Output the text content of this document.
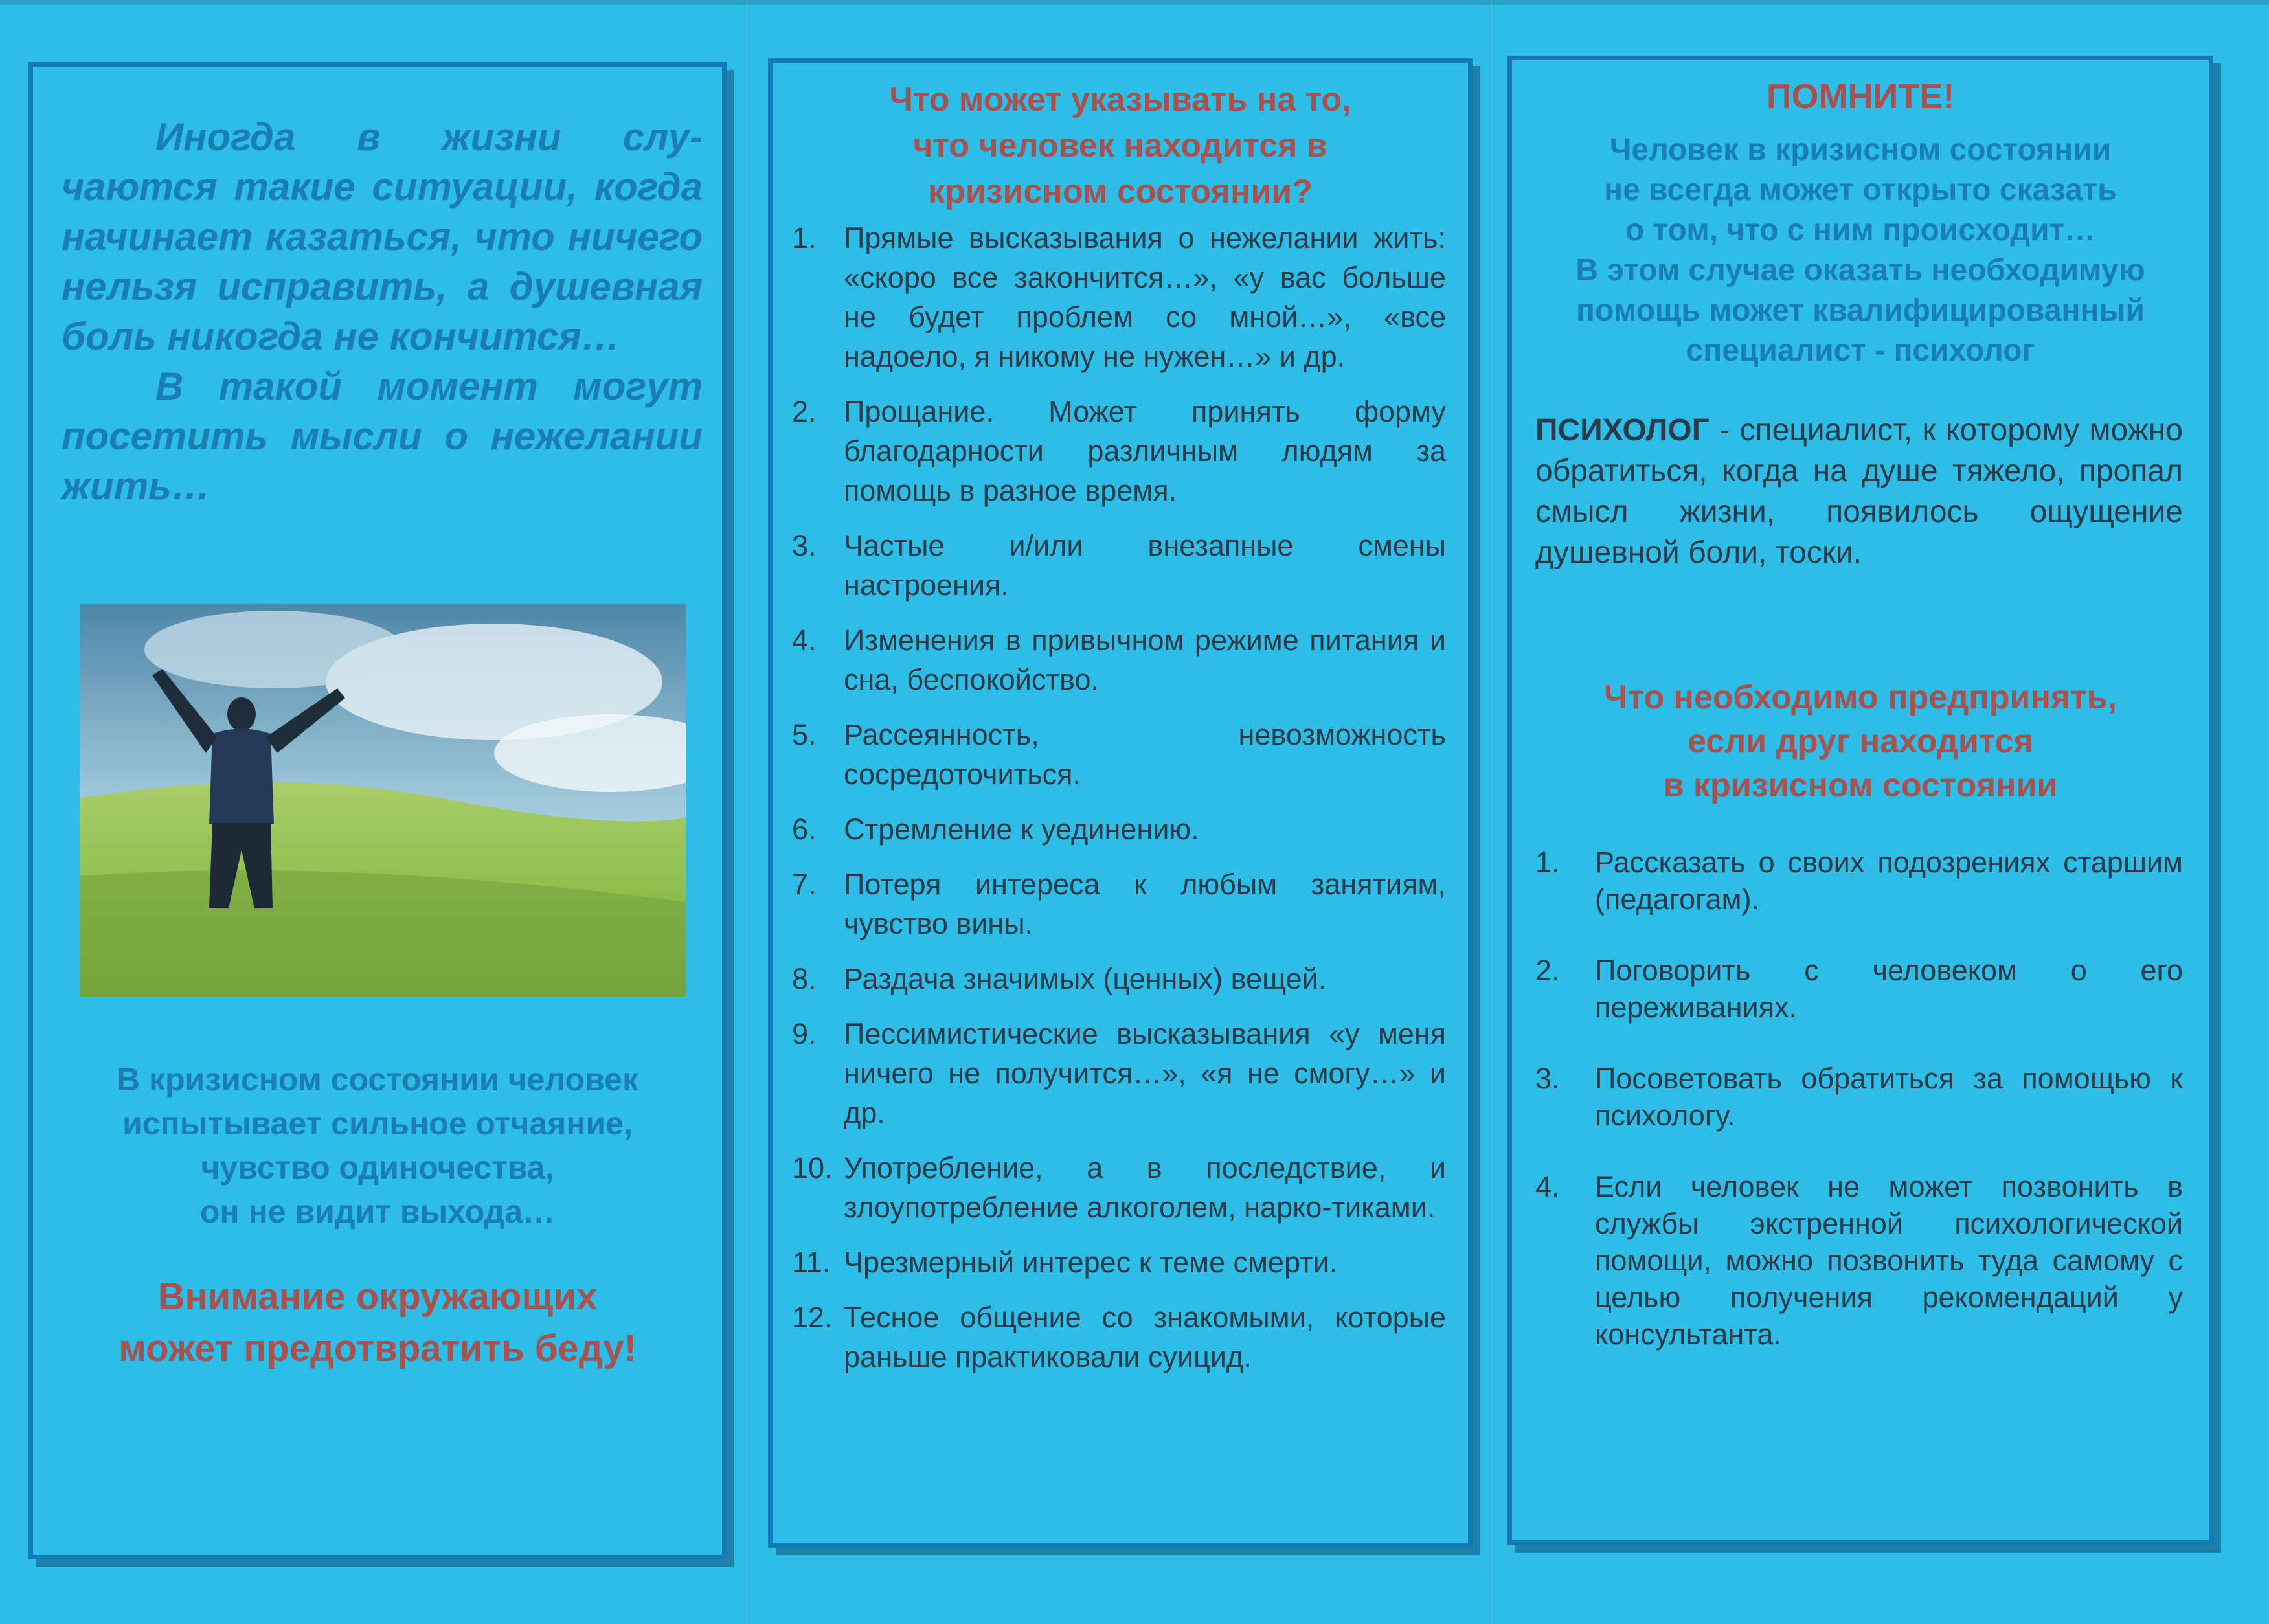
Иногда в жизни слу-чаются такие ситуации, когда начинает казаться, что ничего нельзя исправить, а душевная боль никогда не кончится…

В такой момент могут посетить мысли о нежелании жить…

В кризисном состоянии человек
испытывает сильное отчаяние,
чувство одиночества,
он не видит выхода…
Внимание окружающих
может предотвратить беду!
Что может указывать на то,
что человек находится в
кризисном состоянии?
1. Прямые высказывания о нежелании жить: «скоро все закончится…», «у вас больше не будет проблем со мной…», «все надоело, я никому не нужен…» и др.
2. Прощание. Может принять форму благодарности различным людям за помощь в разное время.
3. Частые и/или внезапные смены настроения.
4. Изменения в привычном режиме питания и сна, беспокойство.
5. Рассеянность, невозможность сосредоточиться.
6. Стремление к уединению.
7. Потеря интереса к любым занятиям, чувство вины.
8. Раздача значимых (ценных) вещей.
9. Пессимистические высказывания «у меня ничего не получится…», «я не смогу…» и др.
10. Употребление, а в последствие, и злоупотребление алкоголем, нарко-тиками.
11. Чрезмерный интерес к теме смерти.
12. Тесное общение со знакомыми, которые раньше практиковали суицид.
ПОМНИТЕ!
Человек в кризисном состоянии
не всегда может открыто сказать
о том, что с ним происходит…
В этом случае оказать необходимую
помощь может квалифицированный
специалист - психолог
ПСИХОЛОГ - специалист, к которому можно обратиться, когда на душе тяжело, пропал смысл жизни, появилось ощущение душевной боли, тоски.
Что необходимо предпринять,
если друг находится
в кризисном состоянии
1. Рассказать о своих подозрениях старшим (педагогам).
2. Поговорить с человеком о его переживаниях.
3. Посоветовать обратиться за помощью к психологу.
4. Если человек не может позвонить в службы экстренной психологической помощи, можно позвонить туда самому с целью получения рекомендаций у консультанта.
